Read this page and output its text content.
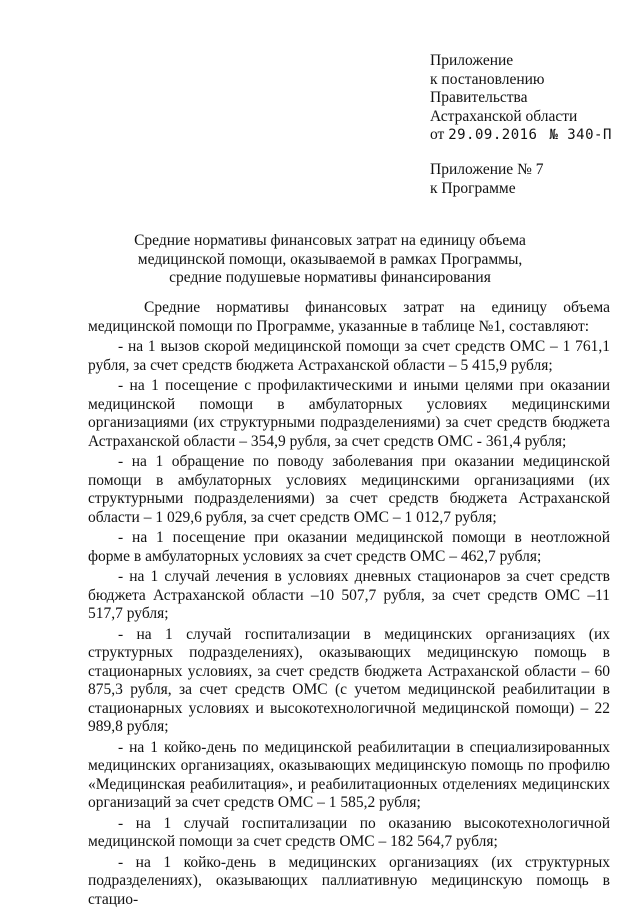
Приложение
к постановлению
Правительства
Астраханской области
от 29.09.2016 № 340-П
Приложение № 7
к Программе
Средние нормативы финансовых затрат на единицу объема
медицинской помощи, оказываемой в рамках Программы,
средние подушевые нормативы финансирования

Средние нормативы финансовых затрат на единицу объема медицинской помощи по Программе, указанные в таблице №1, составляют:

- на 1 вызов скорой медицинской помощи за счет средств ОМС – 1 761,1 рубля, за счет средств бюджета Астраханской области – 5 415,9 рубля;

- на 1 посещение с профилактическими и иными целями при оказании медицинской помощи в амбулаторных условиях медицинскими организациями (их структурными подразделениями) за счет средств бюджета Астраханской области – 354,9 рубля, за счет средств ОМС - 361,4 рубля;

- на 1 обращение по поводу заболевания при оказании медицинской помощи в амбулаторных условиях медицинскими организациями (их структурными подразделениями) за счет средств бюджета Астраханской области – 1 029,6 рубля, за счет средств ОМС – 1 012,7 рубля;

- на 1 посещение при оказании медицинской помощи в неотложной форме в амбулаторных условиях за счет средств ОМС – 462,7 рубля;

- на 1 случай лечения в условиях дневных стационаров за счет средств бюджета Астраханской области –10 507,7 рубля, за счет средств ОМС –11 517,7 рубля;

- на 1 случай госпитализации в медицинских организациях (их структурных подразделениях), оказывающих медицинскую помощь в стационарных условиях, за счет средств бюджета Астраханской области – 60 875,3 рубля, за счет средств ОМС (с учетом медицинской реабилитации в стационарных условиях и высокотехнологичной медицинской помощи) – 22 989,8 рубля;

- на 1 койко-день по медицинской реабилитации в специализированных медицинских организациях, оказывающих медицинскую помощь по профилю «Медицинская реабилитация», и реабилитационных отделениях медицинских организаций за счет средств ОМС – 1 585,2 рубля;

- на 1 случай госпитализации по оказанию высокотехнологичной медицинской помощи за счет средств ОМС – 182 564,7 рубля;

- на 1 койко-день в медицинских организациях (их структурных подразделениях), оказывающих паллиативную медицинскую помощь в стацио-
